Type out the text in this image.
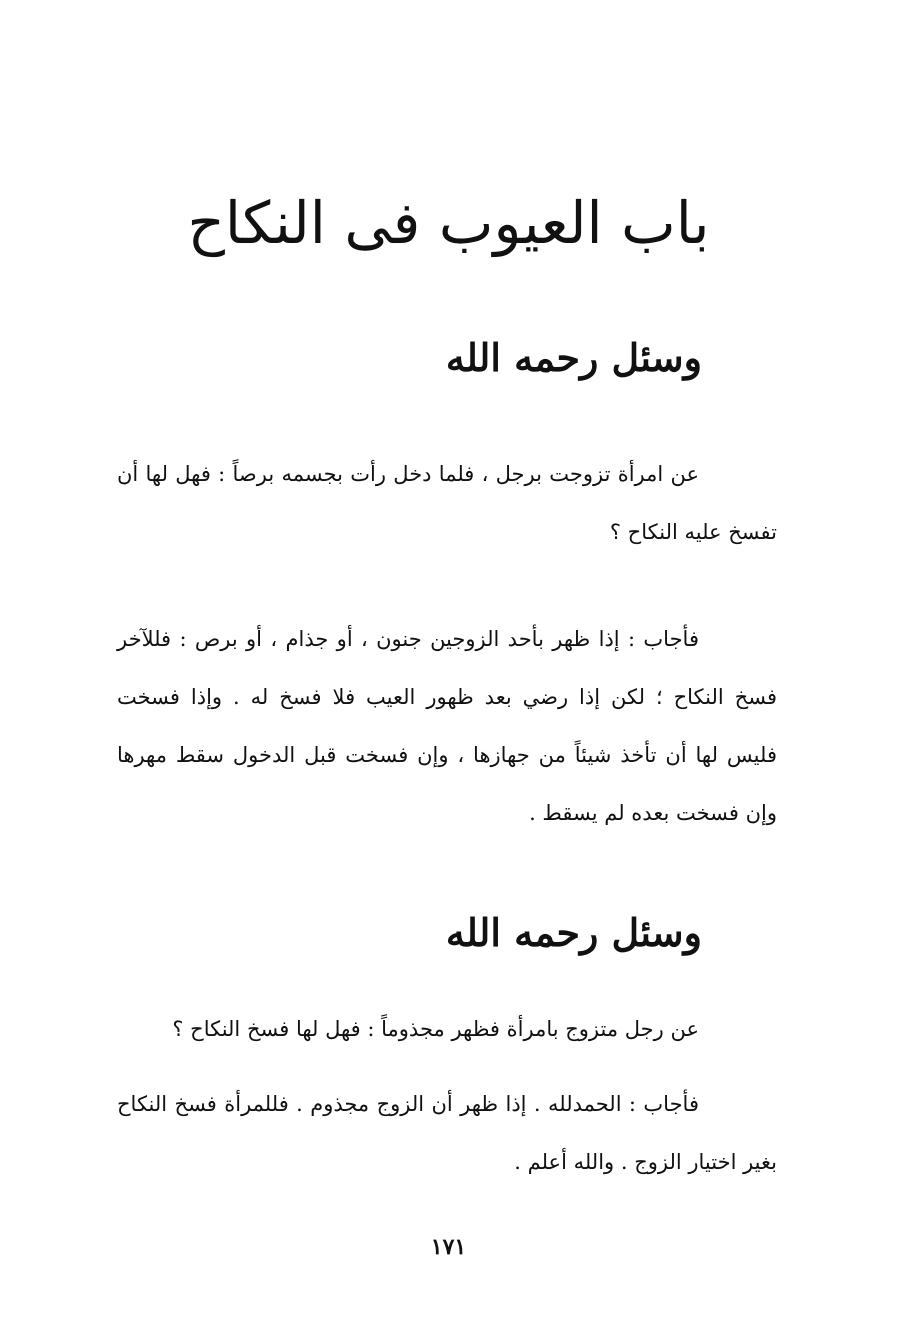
باب العيوب فى النكاح
وسئل رحمه الله

عن امرأة تزوجت برجل ، فلما دخل رأت بجسمه برصاً : فهل لها أن
تفسخ عليه النكاح ؟

فأجاب : إذا ظهر بأحد الزوجين جنون ، أو جذام ، أو برص : فللآخر
فسخ النكاح ؛ لكن إذا رضي بعد ظهور العيب فلا فسخ له . وإذا فسخت
فليس لها أن تأخذ شيئاً من جهازها ، وإن فسخت قبل الدخول سقط مهرها
وإن فسخت بعده لم يسقط .

وسئل رحمه الله

عن رجل متزوج بامرأة فظهر مجذوماً : فهل لها فسخ النكاح ؟

فأجاب : الحمدلله . إذا ظهر أن الزوج مجذوم . فللمرأة فسخ النكاح
بغير اختيار الزوج . والله أعلم .

١٧١
